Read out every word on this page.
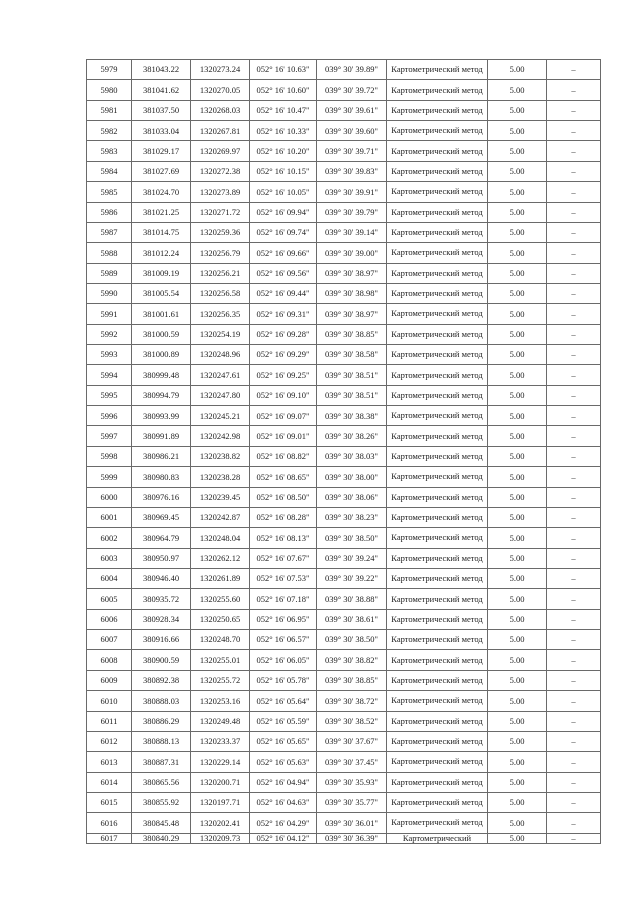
5979	381043.22	1320273.24	052° 16' 10.63"	039° 30' 39.89"	Картометрический метод	5.00	–
5980	381041.62	1320270.05	052° 16' 10.60"	039° 30' 39.72"	Картометрический метод	5.00	–
5981	381037.50	1320268.03	052° 16' 10.47"	039° 30' 39.61"	Картометрический метод	5.00	–
5982	381033.04	1320267.81	052° 16' 10.33"	039° 30' 39.60"	Картометрический метод	5.00	–
5983	381029.17	1320269.97	052° 16' 10.20"	039° 30' 39.71"	Картометрический метод	5.00	–
5984	381027.69	1320272.38	052° 16' 10.15"	039° 30' 39.83"	Картометрический метод	5.00	–
5985	381024.70	1320273.89	052° 16' 10.05"	039° 30' 39.91"	Картометрический метод	5.00	–
5986	381021.25	1320271.72	052° 16' 09.94"	039° 30' 39.79"	Картометрический метод	5.00	–
5987	381014.75	1320259.36	052° 16' 09.74"	039° 30' 39.14"	Картометрический метод	5.00	–
5988	381012.24	1320256.79	052° 16' 09.66"	039° 30' 39.00"	Картометрический метод	5.00	–
5989	381009.19	1320256.21	052° 16' 09.56"	039° 30' 38.97"	Картометрический метод	5.00	–
5990	381005.54	1320256.58	052° 16' 09.44"	039° 30' 38.98"	Картометрический метод	5.00	–
5991	381001.61	1320256.35	052° 16' 09.31"	039° 30' 38.97"	Картометрический метод	5.00	–
5992	381000.59	1320254.19	052° 16' 09.28"	039° 30' 38.85"	Картометрический метод	5.00	–
5993	381000.89	1320248.96	052° 16' 09.29"	039° 30' 38.58"	Картометрический метод	5.00	–
5994	380999.48	1320247.61	052° 16' 09.25"	039° 30' 38.51"	Картометрический метод	5.00	–
5995	380994.79	1320247.80	052° 16' 09.10"	039° 30' 38.51"	Картометрический метод	5.00	–
5996	380993.99	1320245.21	052° 16' 09.07"	039° 30' 38.38"	Картометрический метод	5.00	–
5997	380991.89	1320242.98	052° 16' 09.01"	039° 30' 38.26"	Картометрический метод	5.00	–
5998	380986.21	1320238.82	052° 16' 08.82"	039° 30' 38.03"	Картометрический метод	5.00	–
5999	380980.83	1320238.28	052° 16' 08.65"	039° 30' 38.00"	Картометрический метод	5.00	–
6000	380976.16	1320239.45	052° 16' 08.50"	039° 30' 38.06"	Картометрический метод	5.00	–
6001	380969.45	1320242.87	052° 16' 08.28"	039° 30' 38.23"	Картометрический метод	5.00	–
6002	380964.79	1320248.04	052° 16' 08.13"	039° 30' 38.50"	Картометрический метод	5.00	–
6003	380950.97	1320262.12	052° 16' 07.67"	039° 30' 39.24"	Картометрический метод	5.00	–
6004	380946.40	1320261.89	052° 16' 07.53"	039° 30' 39.22"	Картометрический метод	5.00	–
6005	380935.72	1320255.60	052° 16' 07.18"	039° 30' 38.88"	Картометрический метод	5.00	–
6006	380928.34	1320250.65	052° 16' 06.95"	039° 30' 38.61"	Картометрический метод	5.00	–
6007	380916.66	1320248.70	052° 16' 06.57"	039° 30' 38.50"	Картометрический метод	5.00	–
6008	380900.59	1320255.01	052° 16' 06.05"	039° 30' 38.82"	Картометрический метод	5.00	–
6009	380892.38	1320255.72	052° 16' 05.78"	039° 30' 38.85"	Картометрический метод	5.00	–
6010	380888.03	1320253.16	052° 16' 05.64"	039° 30' 38.72"	Картометрический метод	5.00	–
6011	380886.29	1320249.48	052° 16' 05.59"	039° 30' 38.52"	Картометрический метод	5.00	–
6012	380888.13	1320233.37	052° 16' 05.65"	039° 30' 37.67"	Картометрический метод	5.00	–
6013	380887.31	1320229.14	052° 16' 05.63"	039° 30' 37.45"	Картометрический метод	5.00	–
6014	380865.56	1320200.71	052° 16' 04.94"	039° 30' 35.93"	Картометрический метод	5.00	–
6015	380855.92	1320197.71	052° 16' 04.63"	039° 30' 35.77"	Картометрический метод	5.00	–
6016	380845.48	1320202.41	052° 16' 04.29"	039° 30' 36.01"	Картометрический метод	5.00	–
6017	380840.29	1320209.73	052° 16' 04.12"	039° 30' 36.39"	Картометрический	5.00	–
